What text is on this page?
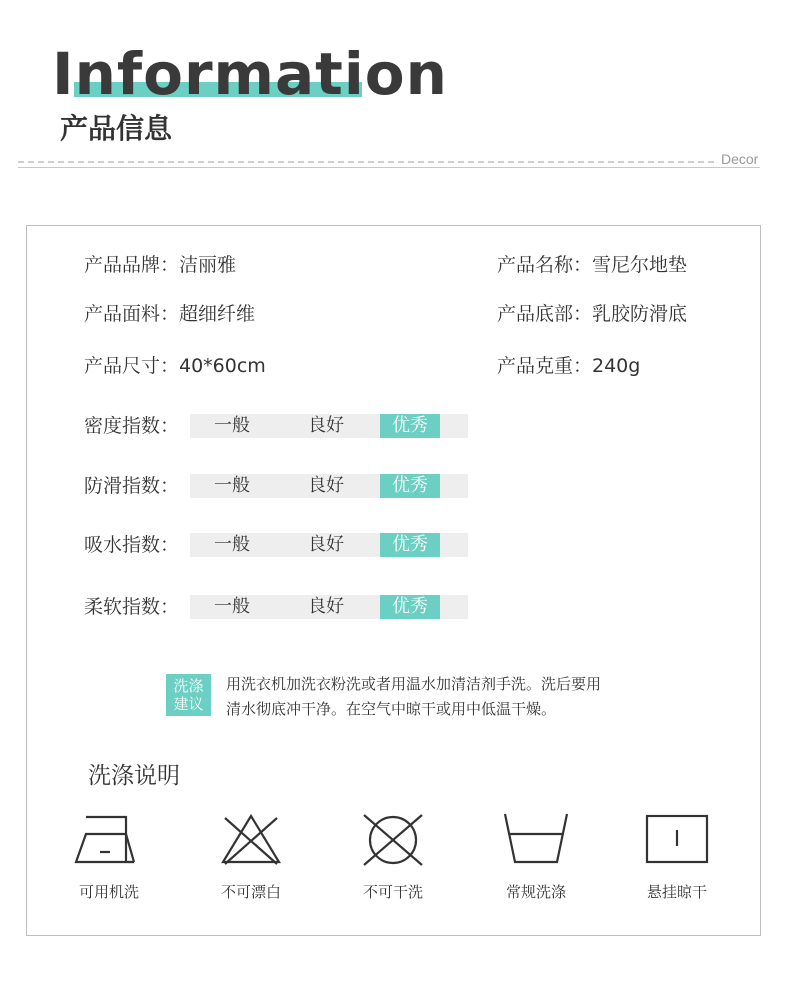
Information
产品信息
Decor
产品品牌：洁丽雅	产品名称：雪尼尔地垫
产品面料：超细纤维	产品底部：乳胶防滑底
产品尺寸：40*60cm	产品克重：240g
密度指数：	一般	良好	优秀
防滑指数：	一般	良好	优秀
吸水指数：	一般	良好	优秀
柔软指数：	一般	良好	优秀
洗涤
建议
用洗衣机加洗衣粉洗或者用温水加清洁剂手洗。洗后要用
清水彻底冲干净。在空气中晾干或用中低温干燥。
洗涤说明
可用机洗	不可漂白	不可干洗	常规洗涤	悬挂晾干
